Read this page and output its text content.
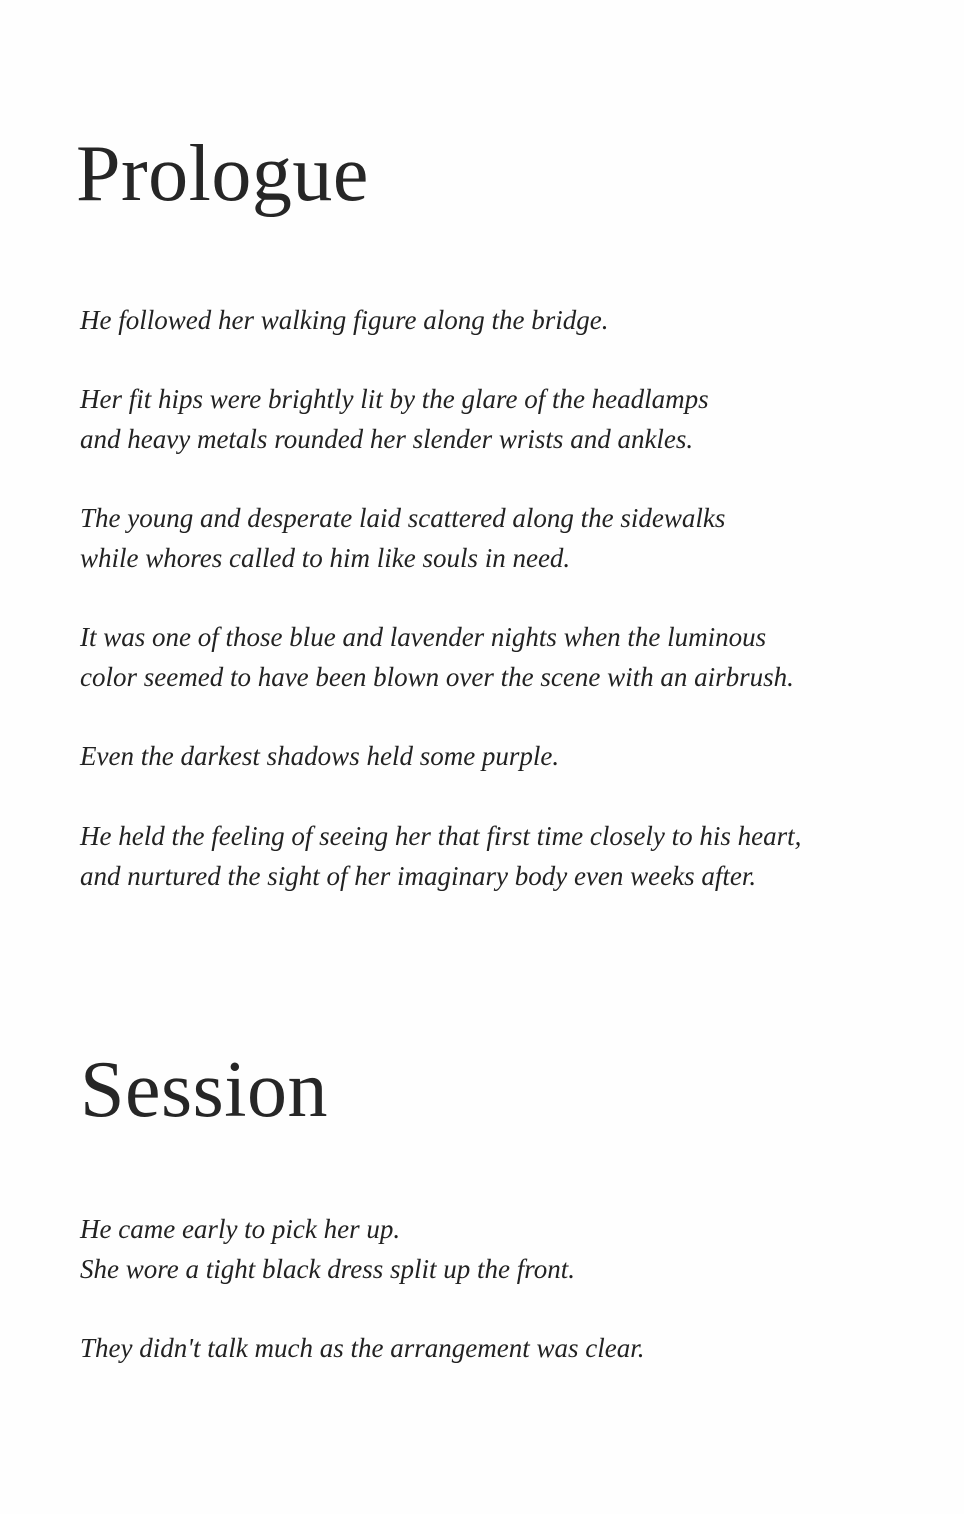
Prologue

He followed her walking figure along the bridge.

Her fit hips were brightly lit by the glare of the headlamps
and heavy metals rounded her slender wrists and ankles.

The young and desperate laid scattered along the sidewalks
while whores called to him like souls in need.

It was one of those blue and lavender nights when the luminous
color seemed to have been blown over the scene with an airbrush.

Even the darkest shadows held some purple.

He held the feeling of seeing her that first time closely to his heart,
and nurtured the sight of her imaginary body even weeks after.

Session

He came early to pick her up.
She wore a tight black dress split up the front.

They didn't talk much as the arrangement was clear.
